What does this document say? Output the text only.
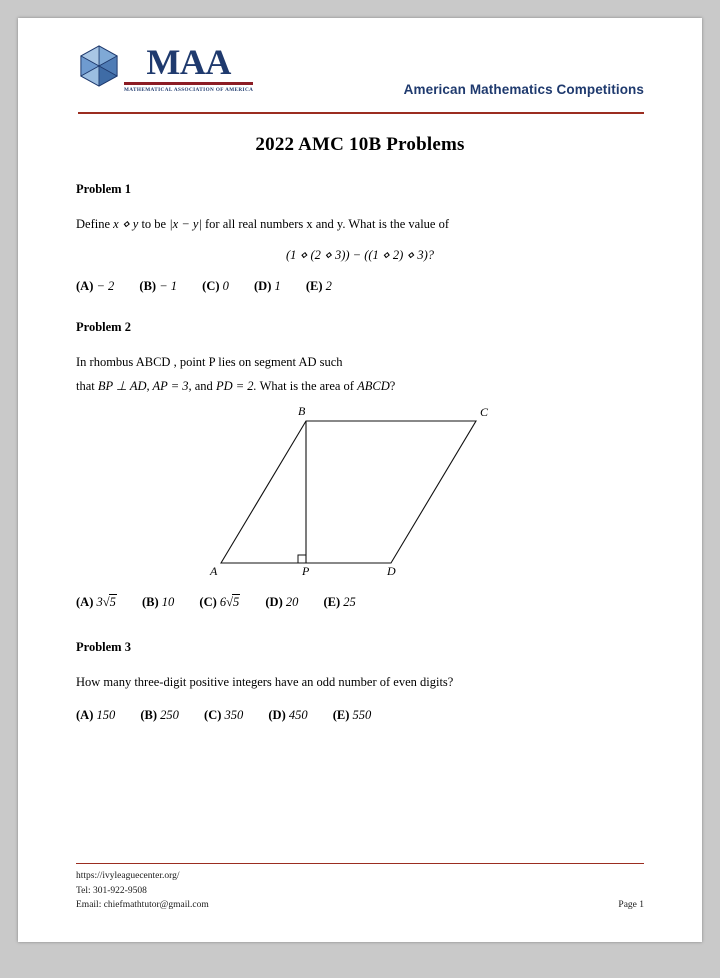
MAA
MATHEMATICAL ASSOCIATION OF AMERICA	American Mathematics Competitions
2022 AMC 10B Problems
Problem 1
Define x ⋄ y to be |x − y| for all real numbers x and y. What is the value of
(1 ⋄ (2 ⋄ 3)) − ((1 ⋄ 2) ⋄ 3)?
(A) − 2 (B) − 1 (C) 0 (D) 1 (E) 2
Problem 2
In rhombus ABCD , point P lies on segment AD such
that BP ⊥ AD, AP = 3, and PD = 2. What is the area of ABCD?
A
B	C
D
P
(A) 3√5 (B) 10 (C) 6√5 (D) 20 (E) 25
Problem 3
How many three-digit positive integers have an odd number of even digits?
(A) 150 (B) 250 (C) 350 (D) 450 (E) 550
https://ivyleaguecenter.org/
Tel: 301-922-9508
Email: chiefmathtutor@gmail.com	Page 1
